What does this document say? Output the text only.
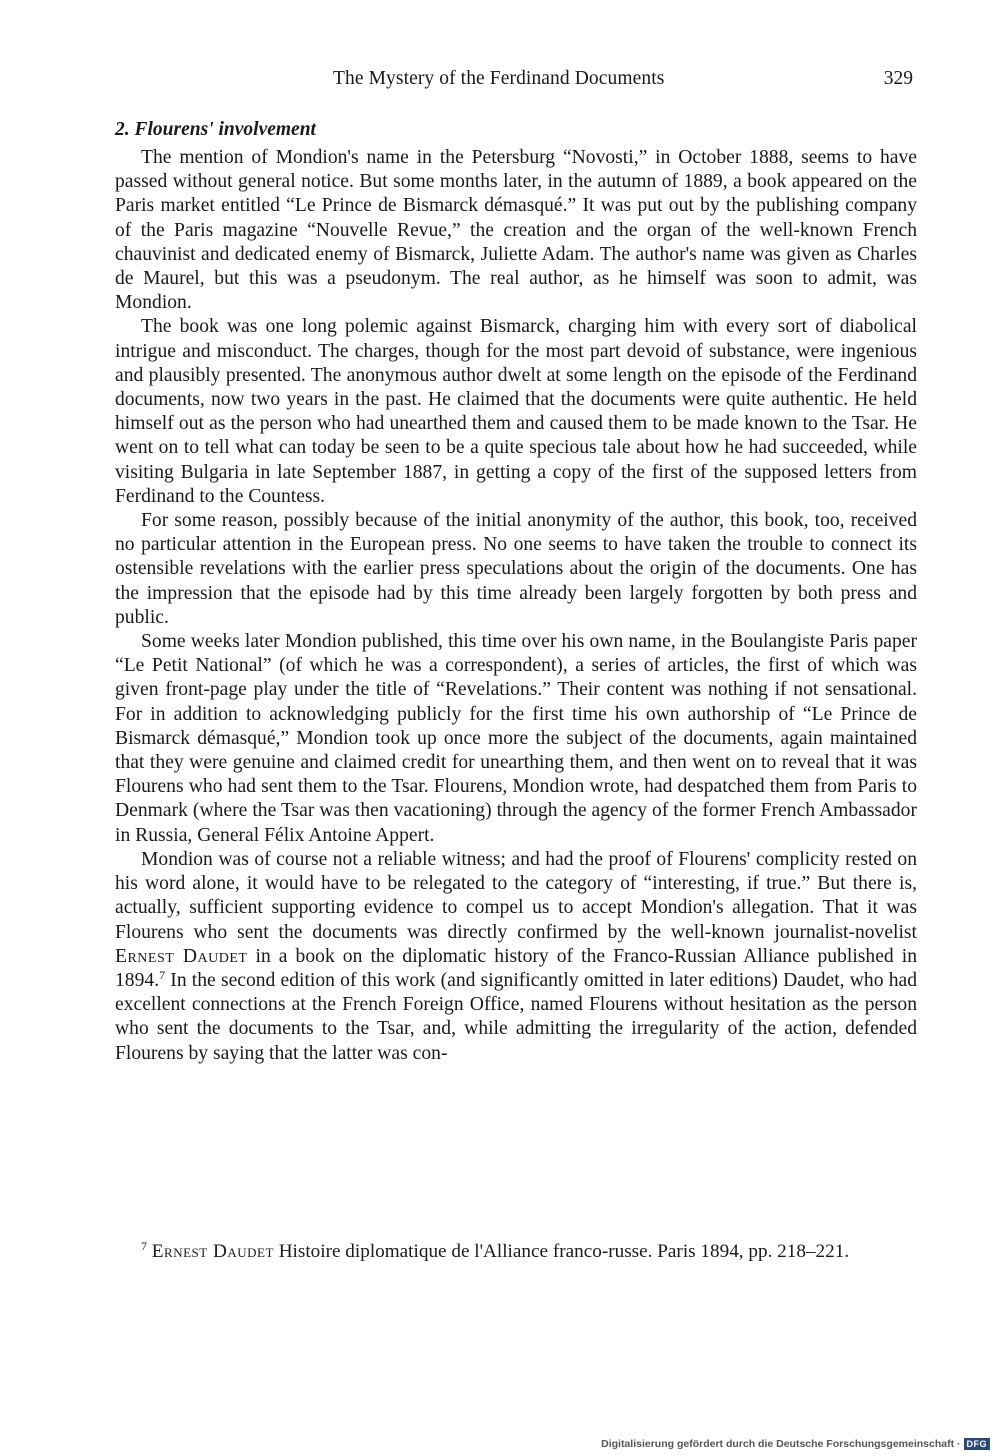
The Mystery of the Ferdinand Documents	329
2. Flourens' involvement

The mention of Mondion's name in the Petersburg “Novosti,” in October 1888, seems to have passed without general notice. But some months later, in the autumn of 1889, a book appeared on the Paris market entitled “Le Prince de Bismarck démasqué.” It was put out by the publishing company of the Paris magazine “Nouvelle Revue,” the creation and the organ of the well-known French chauvinist and dedicated enemy of Bismarck, Juliette Adam. The author's name was given as Charles de Maurel, but this was a pseudonym. The real author, as he himself was soon to admit, was Mondion.

The book was one long polemic against Bismarck, charging him with every sort of diabolical intrigue and misconduct. The charges, though for the most part devoid of substance, were ingenious and plausibly presented. The anonymous author dwelt at some length on the episode of the Ferdinand documents, now two years in the past. He claimed that the documents were quite authentic. He held himself out as the person who had unearthed them and caused them to be made known to the Tsar. He went on to tell what can today be seen to be a quite specious tale about how he had succeeded, while visiting Bulgaria in late September 1887, in getting a copy of the first of the supposed letters from Ferdinand to the Countess.

For some reason, possibly because of the initial anonymity of the author, this book, too, received no particular attention in the European press. No one seems to have taken the trouble to connect its ostensible revelations with the earlier press speculations about the origin of the documents. One has the impression that the episode had by this time already been largely forgotten by both press and public.

Some weeks later Mondion published, this time over his own name, in the Boulangiste Paris paper “Le Petit National” (of which he was a correspondent), a series of articles, the first of which was given front-page play under the title of “Revelations.” Their content was nothing if not sensational. For in addition to acknowledging publicly for the first time his own authorship of “Le Prince de Bismarck démasqué,” Mondion took up once more the subject of the documents, again maintained that they were genuine and claimed credit for unearthing them, and then went on to reveal that it was Flourens who had sent them to the Tsar. Flourens, Mondion wrote, had despatched them from Paris to Denmark (where the Tsar was then vacationing) through the agency of the former French Ambassador in Russia, General Félix Antoine Appert.

Mondion was of course not a reliable witness; and had the proof of Flourens' complicity rested on his word alone, it would have to be relegated to the category of “interesting, if true.” But there is, actually, sufficient supporting evidence to compel us to accept Mondion's allegation. That it was Flourens who sent the documents was directly confirmed by the well-known journalist-novelist Ernest Daudet in a book on the diplomatic history of the Franco-Russian Alliance published in 1894.$^7$ In the second edition of this work (and significantly omitted in later editions) Daudet, who had excellent connections at the French Foreign Office, named Flourens without hesitation as the person who sent the documents to the Tsar, and, while admitting the irregularity of the action, defended Flourens by saying that the latter was con-

$^7$ Ernest Daudet Histoire diplomatique de l'Alliance franco-russe. Paris 1894, pp. 218–221.
Digitalisierung gefördert durch die Deutsche Forschungsgemeinschaft · DFG
